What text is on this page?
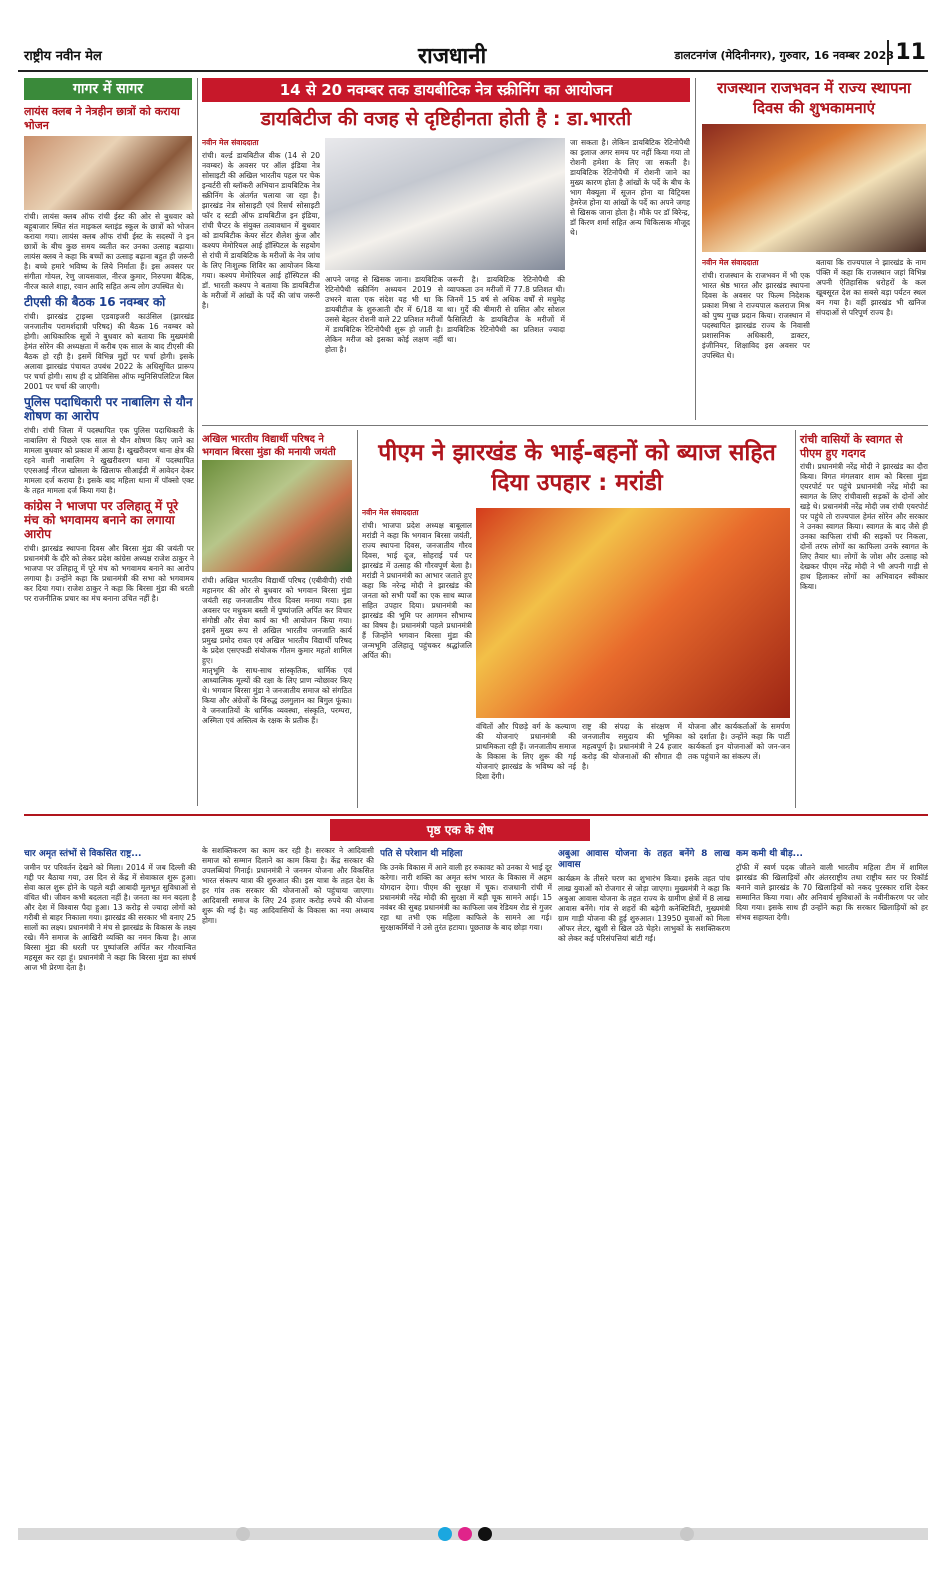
राष्ट्रीय नवीन मेल	राजधानी	डालटनगंज (मेदिनीनगर), गुरुवार, 16 नवम्बर 2023 11
गागर में सागर
लायंस क्लब ने नेत्रहीन छात्रों को कराया भोजन
रांची। लायंस क्लब ऑफ रांची ईस्ट की ओर से बुधवार को बहूबाजार स्थित संत माइकल ब्लाइंड स्कूल के छात्रों को भोजन कराया गया। लायंस क्लब ऑफ रांची ईस्ट के सदस्यों ने इन छात्रों के बीच कुछ समय व्यतीत कर उनका उत्साह बढ़ाया। लायंस क्लब ने कहा कि बच्चों का उत्साह बढ़ाना बहुत ही जरूरी है। बच्चे हमारे भविष्य के लिये निर्माता हैं। इस अवसर पर संगीता गोयल, रेणु जायसवाल, नीरज कुमार, निरुपमा बैदिक, नीरज काले शाहा, रवान आदि सहित अन्य लोग उपस्थित थे।
टीएसी की बैठक 16 नवम्बर को
रांची। झारखंड ट्राइब्स एडवाइजरी काउंसिल (झारखंड जनजातीय परामर्शदात्री परिषद) की बैठक 16 नवम्बर को होगी। आधिकारिक सूत्रों ने बुधवार को बताया कि मुख्यमंत्री हेमंत सोरेन की अध्यक्षता में करीब एक साल के बाद टीएसी की बैठक हो रही है। इसमें विभिन्न मुद्दों पर चर्चा होगी। इसके अलावा झारखंड पंचायत उपबंध 2022 के अधिसूचित प्रारूप पर चर्चा होगी। साथ ही द प्रोविसिस ऑफ म्युनिसिपलिटिज बिल 2001 पर चर्चा की जाएगी।
पुलिस पदाधिकारी पर नाबालिग से यौन शोषण का आरोप
रांची। रांची जिला में पदस्थापित एक पुलिस पदाधिकारी के नाबालिग से पिछले एक साल से यौन शोषण किए जाने का मामला बुधवार को प्रकाश में आया है। खुखरीवरण थाना क्षेत्र की रहने वाली नाबालिग ने खुखरीवरण थाना में पदस्थापित एएसआई नीरज खोसला के खिलाफ सीआईडी में आवेदन देकर मामला दर्ज कराया है। इसके बाद महिला थाना में पॉक्सो एक्ट के तहत मामला दर्ज किया गया है।
कांग्रेस ने भाजपा पर उलिहातू में पूरे मंच को भगवामय बनाने का लगाया आरोप
रांची। झारखंड स्थापना दिवस और बिरसा मुंडा की जयंती पर प्रधानमंत्री के दौरे को लेकर प्रदेश कांग्रेस अध्यक्ष राजेश ठाकुर ने भाजपा पर उलिहातू में पूरे मंच को भगवामय बनाने का आरोप लगाया है। उन्होंने कहा कि प्रधानमंत्री की सभा को भगवामय कर दिया गया। राजेश ठाकुर ने कहा कि बिरसा मुंडा की धरती पर राजनीतिक प्रचार का मंच बनाना उचित नहीं है।
14 से 20 नवम्बर तक डायबीटिक नेत्र स्क्रीनिंग का आयोजन
डायबिटीज की वजह से दृष्टिहीनता होती है : डा.भारती

नवीन मेल संवाददाता

रांची। वर्ल्ड डायबिटीज वीक (14 से 20 नवम्बर) के अवसर पर ऑल इंडिया नेत्र सोसाइटी की अखिल भारतीय पहल पर चेक इन्वर्टरी सी ब्लॉकरी अभियान डायबिटिक नेत्र स्क्रीनिंग के अंतर्गत चलाया जा रहा है। झारखंड नेत्र सोसाइटी एवं रिसर्च सोसाइटी फॉर द स्टडी ऑफ डायबिटीज इन इंडिया, रांची चैप्टर के संयुक्त तत्वावधान में बुधवार को डायबिटीक केयर सेंटर शैलेश कुंज और कश्यप मेमोरियल आई हॉस्पिटल के सहयोग से रांची में डायबिटिक के मरीजों के नेत्र जांच के लिए निःशुल्क शिविर का आयोजन किया गया। कश्यप मेमोरियल आई हॉस्पिटल की डॉ. भारती कश्यप ने बताया कि डायबिटीज के मरीजों में आंखों के पर्दे की जांच जरूरी है।

आपने जगह से खिसक जाना। डायबिटिक रेटिनोपैथी स्क्रीनिंग अध्ययन 2019 से उभरने वाला एक संदेश यह भी था कि डायबीटीज के शुरुआती दौर में 6/18 या उससे बेहतर रोशनी वाले 22 प्रतिशत मरीजों में डायबिटिक रेटिनोपैथी शुरू हो जाती है। लेकिन मरीज को इसका कोई लक्षण नहीं होता है।
जरूरी है। डायबिटिक रेटिनोपैथी की व्यापकता उन मरीजों में 77.8 प्रतिशत थी। जिनमें 15 वर्ष से अधिक वर्षों से मधुमेह था। गुर्दे की बीमारी से ग्रसित और सोशल फैसिलिटी के डायबिटीज के मरीजों में डायबिटिक रेटिनोपैथी का प्रतिशत ज्यादा था।
जा सकता है। लेकिन डायबिटिक रेटिनोपैथी का इलाज अगर समय पर नहीं किया गया तो रोशनी हमेशा के लिए जा सकती है। डायबिटिक रेटिनोपैथी में रोशनी जाने का मुख्य कारण होता है आंखों के पर्दे के बीच के भाग मैक्यूला में सूजन होना या विट्रियस हेमरेज होना या आंखों के पर्दे का अपने जगह से खिसक जाना होता है। मौके पर डॉ बिरेन्द्र, डॉ किरण शर्मा सहित अन्य चिकित्सक मौजूद थे।
राजस्थान राजभवन में राज्य स्थापना दिवस की शुभकामनाएं

नवीन मेल संवाददाता

रांची। राजस्थान के राजभवन में भी एक भारत श्रेष्ठ भारत और झारखंड स्थापना दिवस के अवसर पर फिल्म निदेशक प्रकाश मिश्रा ने राज्यपाल कलराज मिश्र को पुष्प गुच्छ प्रदान किया। राजस्थान में पदस्थापित झारखंड राज्य के निवासी प्रशासनिक अधिकारी, डाक्टर, इंजीनियर, शिक्षाविद इस अवसर पर उपस्थित थे।

बताया कि राज्यपाल ने झारखंड के नाम पंक्ति में कहा कि राजस्थान जहां विभिन्न अपनी ऐतिहासिक धरोहरों के कल खूबसूरत देश का सबसे बड़ा पर्यटन स्थल बन गया है। वहीं झारखंड भी खनिज संपदाओं से परिपूर्ण राज्य है।
अखिल भारतीय विद्यार्थी परिषद ने भगवान बिरसा मुंडा की मनायी जयंती
रांची। अखिल भारतीय विद्यार्थी परिषद (एबीवीपी) रांची महानगर की ओर से बुधवार को भगवान बिरसा मुंडा जयंती सह जनजातीय गौरव दिवस मनाया गया। इस अवसर पर मधुकम बस्ती में पुष्पांजलि अर्पित कर विचार संगोष्ठी और सेवा कार्य का भी आयोजन किया गया। इसमें मुख्य रूप से अखिल भारतीय जनजाति कार्य प्रमुख प्रमोद रावत एवं अखिल भारतीय विद्यार्थी परिषद के प्रदेश एसएफडी संयोजक गौतम कुमार महतो शामिल हुए।

मातृभूमि के साथ-साथ सांस्कृतिक, धार्मिक एवं आध्यात्मिक मूल्यों की रक्षा के लिए प्राण न्योछावर किए थे। भगवान बिरसा मुंडा ने जनजातीय समाज को संगठित किया और अंग्रेजों के विरुद्ध उलगुलान का बिगुल फूंका। वे जनजातियों के धार्मिक व्यवस्था, संस्कृति, परम्परा, अस्मिता एवं अस्तित्व के रक्षक के प्रतीक हैं।

पीएम ने झारखंड के भाई-बहनों को ब्याज सहित दिया उपहार : मरांडी

नवीन मेल संवाददाता

रांची। भाजपा प्रदेश अध्यक्ष बाबूलाल मरांडी ने कहा कि भगवान बिरसा जयंती, राज्य स्थापना दिवस, जनजातीय गौरव दिवस, भाई दूज, सोहराई पर्व पर झारखंड में उत्साह की गौरवपूर्ण बेला है। मरांडी ने प्रधानमंत्री का आभार जताते हुए कहा कि नरेन्द्र मोदी ने झारखंड की जनता को सभी पर्वों का एक साथ ब्याज सहित उपहार दिया। प्रधानमंत्री का झारखंड की भूमि पर आगमन सौभाग्य का विषय है। प्रधानमंत्री पहले प्रधानमंत्री हैं जिन्होंने भगवान बिरसा मुंडा की जन्मभूमि उलिहातू पहुंचकर श्रद्धांजलि अर्पित की।

वंचितों और पिछड़े वर्ग के कल्याण की योजनाएं प्रधानमंत्री की प्राथमिकता रही हैं। जनजातीय समाज के विकास के लिए शुरू की गई योजनाएं झारखंड के भविष्य को नई दिशा देंगी।
राष्ट्र की संपदा के संरक्षण में जनजातीय समुदाय की भूमिका महत्वपूर्ण है। प्रधानमंत्री ने 24 हजार करोड़ की योजनाओं की सौगात दी है।
योजना और कार्यकर्ताओं के समर्पण को दर्शाता है। उन्होंने कहा कि पार्टी कार्यकर्ता इन योजनाओं को जन-जन तक पहुंचाने का संकल्प लें।
रांची वासियों के स्वागत से पीएम हुए गदगद
रांची। प्रधानमंत्री नरेंद्र मोदी ने झारखंड का दौरा किया। विगत मंगलवार शाम को बिरसा मुंडा एयरपोर्ट पर पहुंचे प्रधानमंत्री नरेंद्र मोदी का स्वागत के लिए रांचीवासी सड़कों के दोनों ओर खड़े थे। प्रधानमंत्री नरेंद्र मोदी जब रांची एयरपोर्ट पर पहुंचे तो राज्यपाल हेमंत सोरेन और सरकार ने उनका स्वागत किया। स्वागत के बाद जैसे ही उनका काफिला रांची की सड़कों पर निकला, दोनों तरफ लोगों का काफिला उनके स्वागत के लिए तैयार था। लोगों के जोश और उत्साह को देखकर पीएम नरेंद्र मोदी ने भी अपनी गाड़ी से हाथ हिलाकर लोगों का अभिवादन स्वीकार किया।
पृष्ठ एक के शेष
चार अमृत स्तंभों से विकसित राष्ट्र...

जमीन पर परिवर्तन देखने को मिला। 2014 में जब दिल्ली की गद्दी पर बैठाया गया, उस दिन से केंद्र में सेवाकाल शुरू हुआ। सेवा काल शुरू होने के पहले बड़ी आबादी मूलभूत सुविधाओं से वंचित थी। जीवन कभी बदलता नहीं है। जनता का मन बदला है और देश में विश्वास पैदा हुआ। 13 करोड़ से ज्यादा लोगों को गरीबी से बाहर निकाला गया। झारखंड की सरकार भी वनाए 25 सालों का लक्ष्य। प्रधानमंत्री ने मंच से झारखंड के विकास के लक्ष्य रखे। मैंने समाज के आखिरी व्यक्ति का नमन किया है। आज बिरसा मुंडा की धरती पर पुष्पांजलि अर्पित कर गौरवान्वित महसूस कर रहा हूं। प्रधानमंत्री ने कहा कि बिरसा मुंडा का संघर्ष आज भी प्रेरणा देता है।

के सशक्तिकरण का काम कर रही है। सरकार ने आदिवासी समाज को सम्मान दिलाने का काम किया है। केंद्र सरकार की उपलब्धियां गिनाई। प्रधानमंत्री ने जनमन योजना और विकसित भारत संकल्प यात्रा की शुरुआत की। इस यात्रा के तहत देश के हर गांव तक सरकार की योजनाओं को पहुंचाया जाएगा। आदिवासी समाज के लिए 24 हजार करोड़ रुपये की योजना शुरू की गई है। यह आदिवासियों के विकास का नया अध्याय होगा।
पति से परेशान थी महिला

कि उनके विकास में आने वाली हर रुकावट को उनका ये भाई दूर करेगा। नारी शक्ति का अमृत स्तंभ भारत के विकास में अहम योगदान देगा। पीएम की सुरक्षा में चूक। राजधानी रांची में प्रधानमंत्री नरेंद्र मोदी की सुरक्षा में बड़ी चूक सामने आई। 15 नवंबर की सुबह प्रधानमंत्री का काफिला जब रेडियम रोड से गुजर रहा था तभी एक महिला काफिले के सामने आ गई। सुरक्षाकर्मियों ने उसे तुरंत हटाया। पूछताछ के बाद छोड़ा गया।

अबुआ आवास योजना के तहत बनेंगे 8 लाख आवास

कार्यक्रम के तीसरे चरण का शुभारंभ किया। इसके तहत पांच लाख युवाओं को रोजगार से जोड़ा जाएगा। मुख्यमंत्री ने कहा कि अबुआ आवास योजना के तहत राज्य के ग्रामीण क्षेत्रों में 8 लाख आवास बनेंगे। गांव से शहरों की बढ़ेगी कनेक्टिविटी, मुख्यमंत्री ग्राम गाड़ी योजना की हुई शुरुआत। 13950 युवाओं को मिला ऑफर लेटर, खुशी से खिल उठे चेहरे। लाभुकों के सशक्तिकरण को लेकर कई परिसंपत्तियां बांटी गईं।

कम कमी थी बीड़...

ट्रॉफी में स्वर्ण पदक जीतने वाली भारतीय महिला टीम में शामिल झारखंड की खिलाड़ियों और अंतरराष्ट्रीय तथा राष्ट्रीय स्तर पर रिकॉर्ड बनाने वाले झारखंड के 70 खिलाड़ियों को नकद पुरस्कार राशि देकर सम्मानित किया गया। और अनिवार्य सुविधाओं के नवीनीकरण पर जोर दिया गया। इसके साथ ही उन्होंने कहा कि सरकार खिलाड़ियों को हर संभव सहायता देगी।
